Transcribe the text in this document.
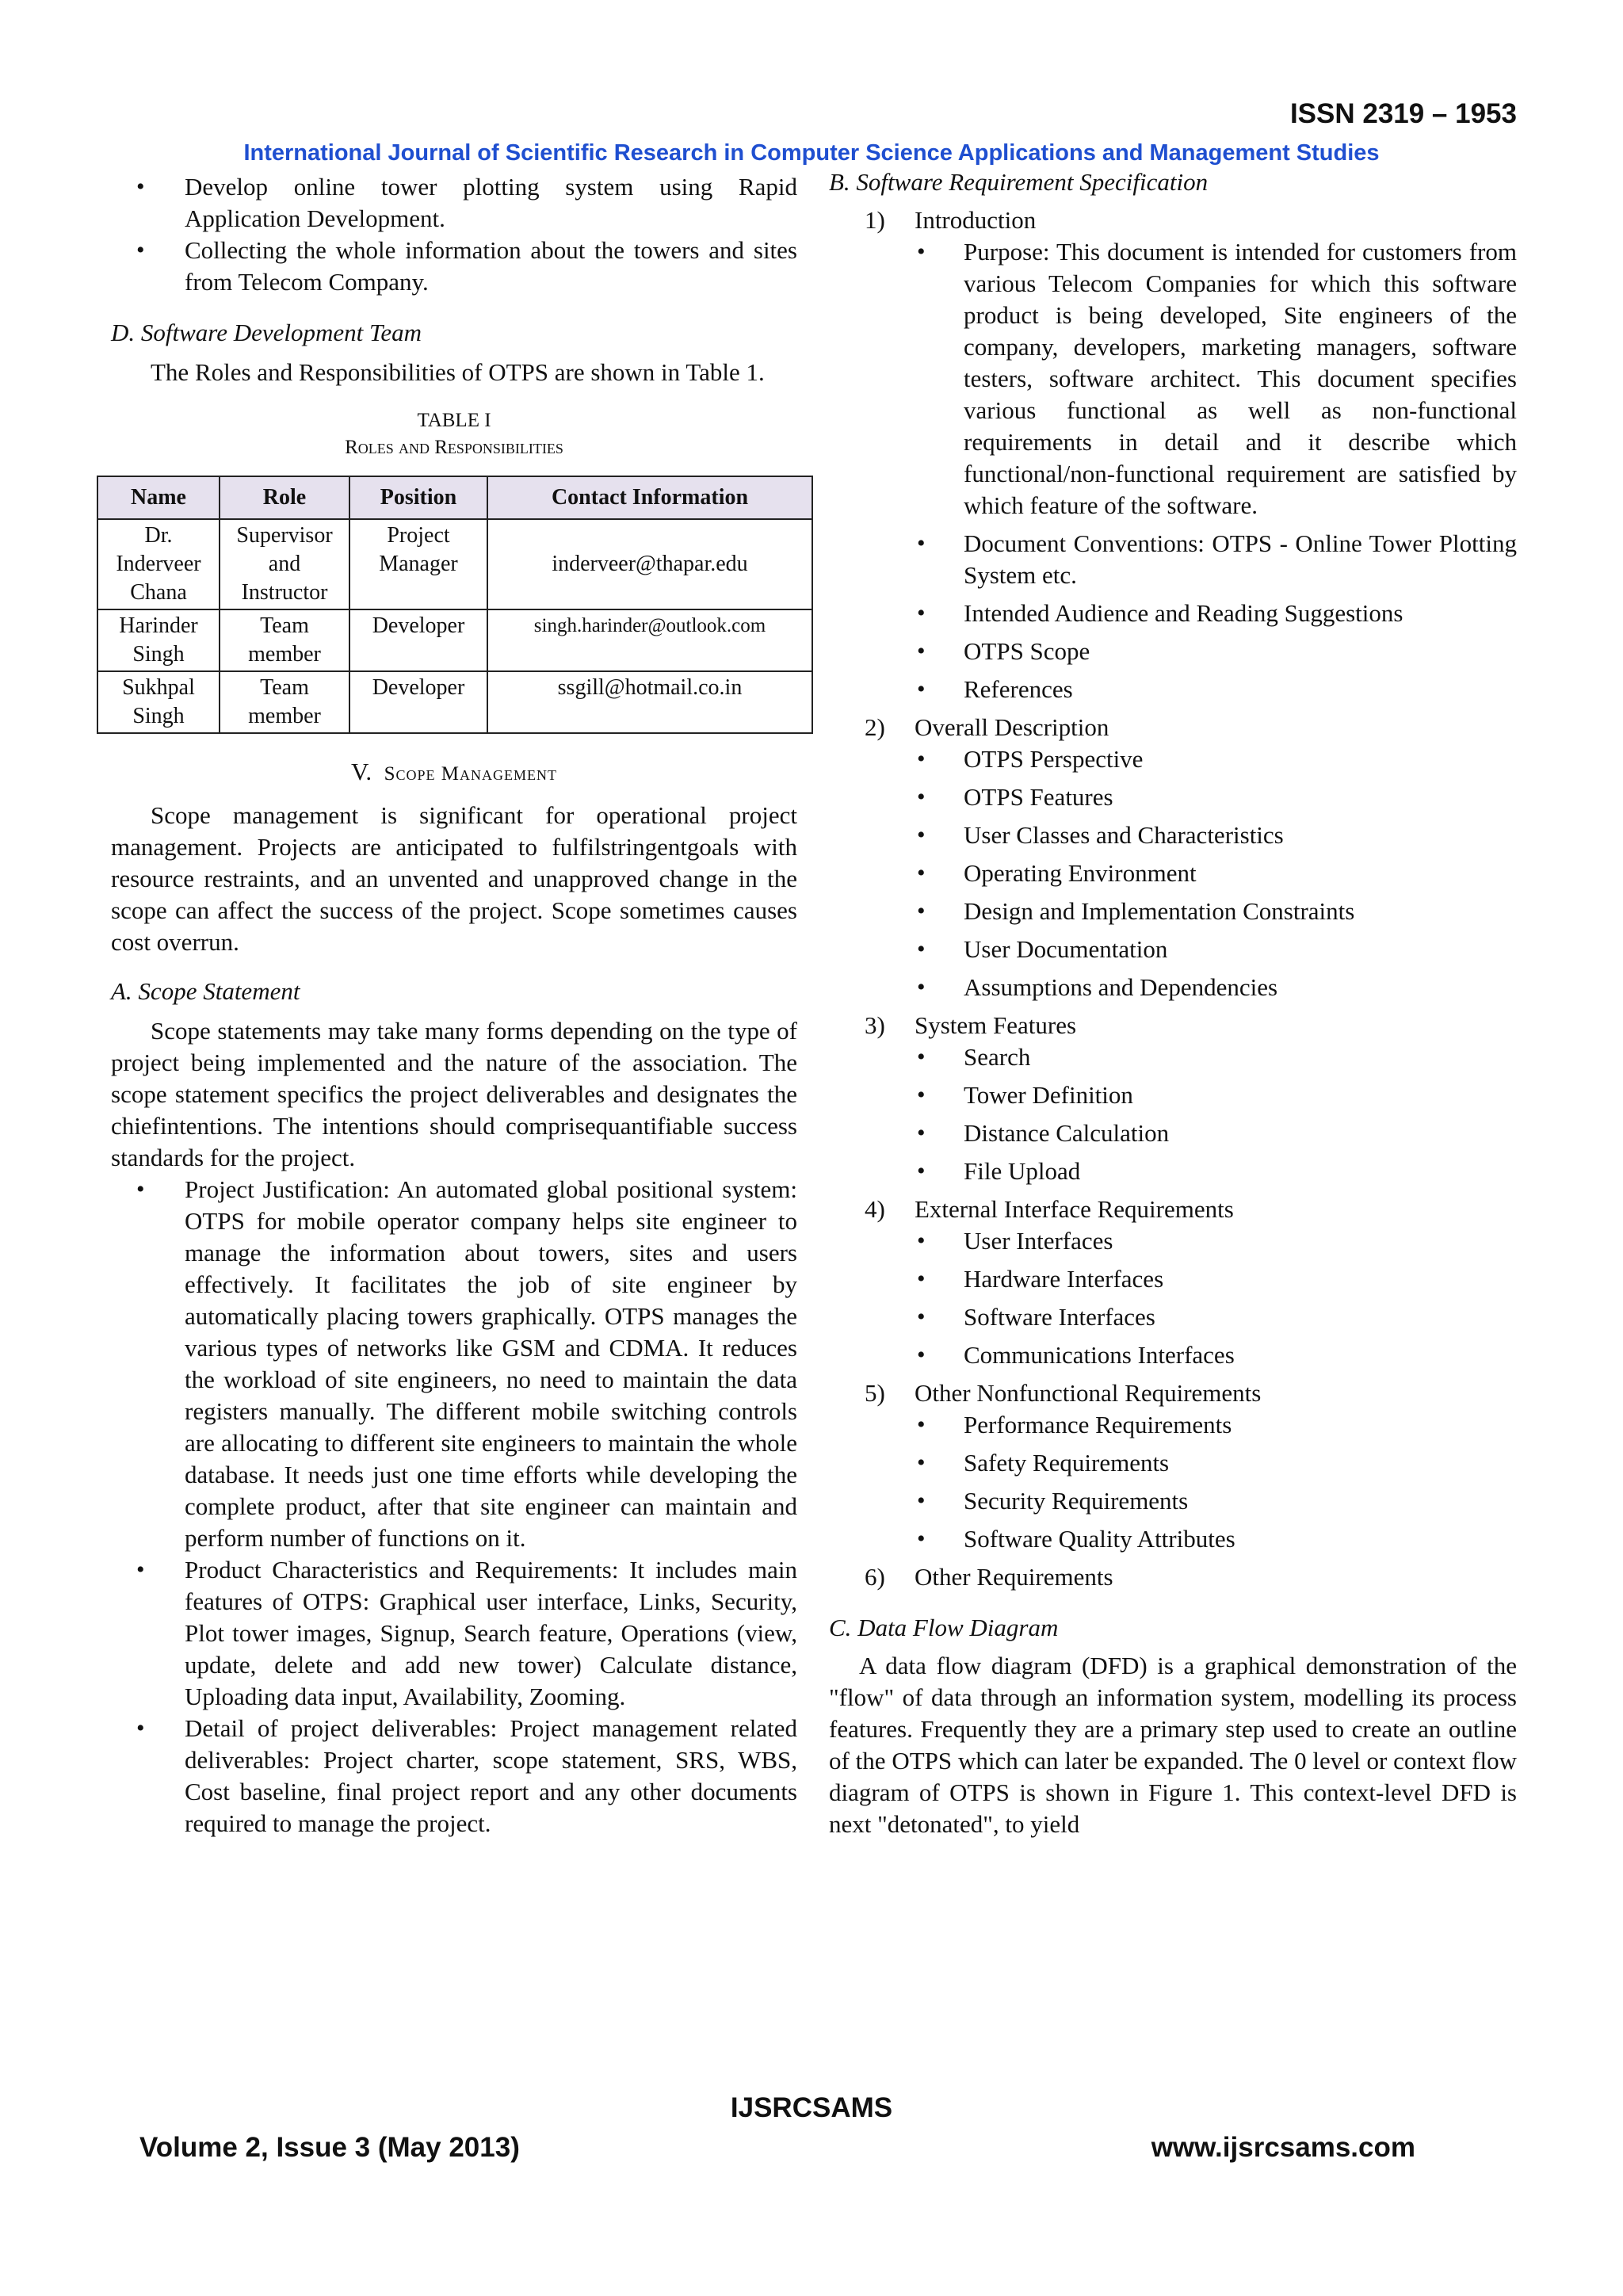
ISSN 2319 – 1953
International Journal of Scientific Research in Computer Science Applications and Management Studies
• Develop online tower plotting system using Rapid Application Development.
• Collecting the whole information about the towers and sites from Telecom Company.

D. Software Development Team

The Roles and Responsibilities of OTPS are shown in Table 1.

TABLE I
Roles and Responsibilities
Name	Role	Position	Contact Information
Dr. Inderveer Chana	Supervisor and Instructor	Project Manager	inderveer@thapar.edu
Harinder Singh	Team member	Developer	singh.harinder@outlook.com
Sukhpal Singh	Team member	Developer	ssgill@hotmail.co.in

V. Scope Management

Scope management is significant for operational project management. Projects are anticipated to fulfilstringentgoals with resource restraints, and an unvented and unapproved change in the scope can affect the success of the project. Scope sometimes causes cost overrun.

A. Scope Statement

Scope statements may take many forms depending on the type of project being implemented and the nature of the association. The scope statement specifics the project deliverables and designates the chiefintentions. The intentions should comprisequantifiable success standards for the project.

• Project Justification: An automated global positional system: OTPS for mobile operator company helps site engineer to manage the information about towers, sites and users effectively. It facilitates the job of site engineer by automatically placing towers graphically. OTPS manages the various types of networks like GSM and CDMA. It reduces the workload of site engineers, no need to maintain the data registers manually. The different mobile switching controls are allocating to different site engineers to maintain the whole database. It needs just one time efforts while developing the complete product, after that site engineer can maintain and perform number of functions on it.
• Product Characteristics and Requirements: It includes main features of OTPS: Graphical user interface, Links, Security, Plot tower images, Signup, Search feature, Operations (view, update, delete and add new tower) Calculate distance, Uploading data input, Availability, Zooming.
• Detail of project deliverables: Project management related deliverables: Project charter, scope statement, SRS, WBS, Cost baseline, final project report and any other documents required to manage the project.

B. Software Requirement Specification

1) Introduction
• Purpose: This document is intended for customers from various Telecom Companies for which this software product is being developed, Site engineers of the company, developers, marketing managers, software testers, software architect. This document specifies various functional as well as non-functional requirements in detail and it describe which functional/non-functional requirement are satisfied by which feature of the software.
• Document Conventions: OTPS - Online Tower Plotting System etc.
• Intended Audience and Reading Suggestions
• OTPS Scope
• References
2) Overall Description
• OTPS Perspective
• OTPS Features
• User Classes and Characteristics
• Operating Environment
• Design and Implementation Constraints
• User Documentation
• Assumptions and Dependencies
3) System Features
• Search
• Tower Definition
• Distance Calculation
• File Upload
4) External Interface Requirements
• User Interfaces
• Hardware Interfaces
• Software Interfaces
• Communications Interfaces
5) Other Nonfunctional Requirements
• Performance Requirements
• Safety Requirements
• Security Requirements
• Software Quality Attributes
6) Other Requirements

C. Data Flow Diagram

A data flow diagram (DFD) is a graphical demonstration of the "flow" of data through an information system, modelling its process features. Frequently they are a primary step used to create an outline of the OTPS which can later be expanded. The 0 level or context flow diagram of OTPS is shown in Figure 1. This context-level DFD is next "detonated", to yield

IJSRCSAMS
Volume 2, Issue 3 (May 2013)	www.ijsrcsams.com
